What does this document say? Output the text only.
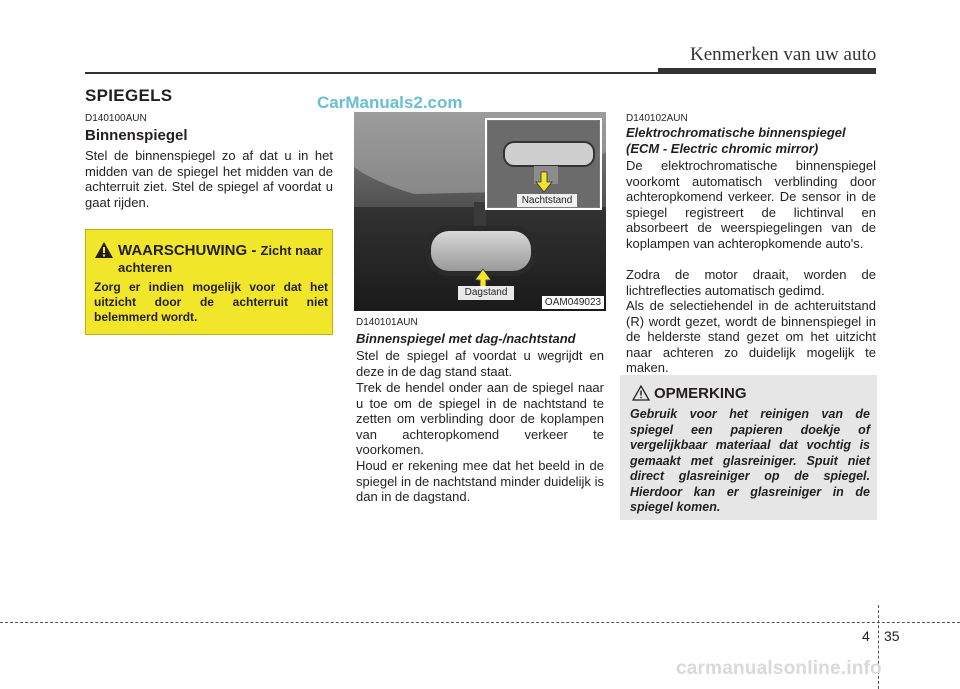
Kenmerken van uw auto
SPIEGELS	CarManuals2.com
D140100AUN
Binnenspiegel
Stel de binnenspiegel zo af dat u in het midden van de spiegel het midden van de achterruit ziet. Stel de spiegel af voordat u gaat rijden.
WAARSCHUWING - Zicht naar achteren
Zorg er indien mogelijk voor dat het uitzicht door de achterruit niet belemmerd wordt.
Nachtstand
Dagstand
OAM049023
D140101AUN
Binnenspiegel met dag-/nachtstand
Stel de spiegel af voordat u wegrijdt en deze in de dag stand staat.
Trek de hendel onder aan de spiegel naar u toe om de spiegel in de nachtstand te zetten om verblinding door de koplampen van achteropkomend verkeer te voorkomen.
Houd er rekening mee dat het beeld in de spiegel in de nachtstand minder duidelijk is dan in de dagstand.
D140102AUN
Elektrochromatische binnenspiegel
(ECM - Electric chromic mirror)
De elektrochromatische binnenspiegel voorkomt automatisch verblinding door achteropkomend verkeer. De sensor in de spiegel registreert de lichtinval en absorbeert de weerspiegelingen van de koplampen van achteropkomende auto's.
Zodra de motor draait, worden de lichtreflecties automatisch gedimd.
Als de selectiehendel in de achteruitstand (R) wordt gezet, wordt de binnenspiegel in de helderste stand gezet om het uitzicht naar achteren zo duidelijk mogelijk te maken.
OPMERKING
Gebruik voor het reinigen van de spiegel een papieren doekje of vergelijkbaar materiaal dat vochtig is gemaakt met glasreiniger. Spuit niet direct glasreiniger op de spiegel. Hierdoor kan er glasreiniger in de spiegel komen.
4 35
carmanualsonline.info
